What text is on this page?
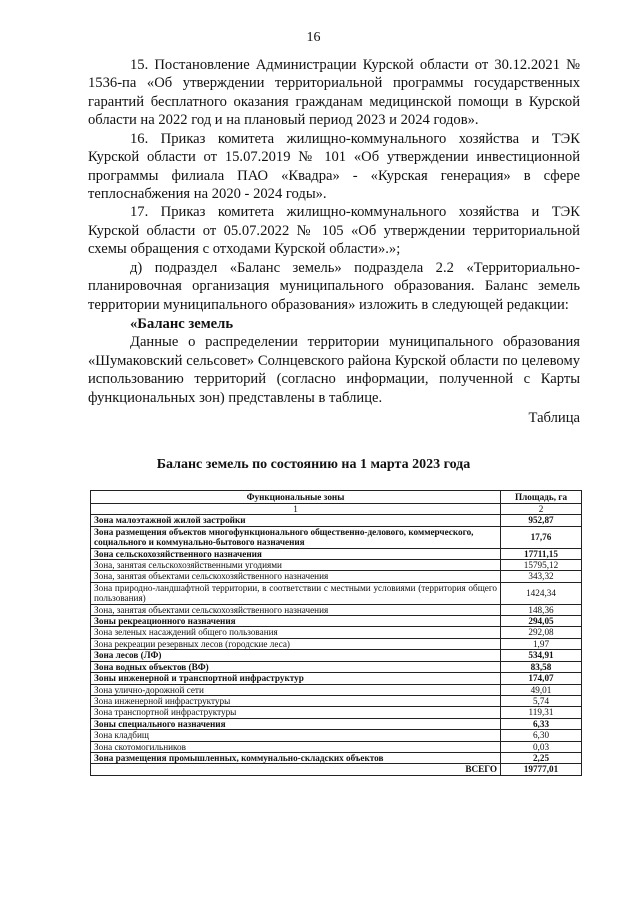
16

15. Постановление Администрации Курской области от 30.12.2021 № 1536-па «Об утверждении территориальной программы государственных гарантий бесплатного оказания гражданам медицинской помощи в Курской области на 2022 год и на плановый период 2023 и 2024 годов».

16. Приказ комитета жилищно-коммунального хозяйства и ТЭК Курской области от 15.07.2019 № 101 «Об утверждении инвестиционной программы филиала ПАО «Квадра» - «Курская генерация» в сфере теплоснабжения на 2020 - 2024 годы».

17. Приказ комитета жилищно-коммунального хозяйства и ТЭК Курской области от 05.07.2022 № 105 «Об утверждении территориальной схемы обращения с отходами Курской области».»;

д) подраздел «Баланс земель» подраздела 2.2 «Территориально-планировочная организация муниципального образования. Баланс земель территории муниципального образования» изложить в следующей редакции:

«Баланс земель

Данные о распределении территории муниципального образования «Шумаковский сельсовет» Солнцевского района Курской области по целевому использованию территорий (согласно информации, полученной с Карты функциональных зон) представлены в таблице.

Таблица

Баланс земель по состоянию на 1 марта 2023 года
Функциональные зоны	Площадь, га
1	2
Зона малоэтажной жилой застройки	952,87
Зона размещения объектов многофункционального общественно-делового, коммерческого, социального и коммунально-бытового назначения	17,76
Зона сельскохозяйственного назначения	17711,15
Зона, занятая сельскохозяйственными угодиями	15795,12
Зона, занятая объектами сельскохозяйственного назначения	343,32
Зона природно-ландшафтной территории, в соответствии с местными условиями (территория общего пользования)	1424,34
Зона, занятая объектами сельскохозяйственного назначения	148,36
Зоны рекреационного назначения	294,05
Зона зеленых насаждений общего пользования	292,08
Зона рекреации резервных лесов (городские леса)	1,97
Зона лесов (ЛФ)	534,91
Зона водных объектов (ВФ)	83,58
Зоны инженерной и транспортной инфраструктур	174,07
Зона улично-дорожной сети	49,01
Зона инженерной инфраструктуры	5,74
Зона транспортной инфраструктуры	119,31
Зоны специального назначения	6,33
Зона кладбищ	6,30
Зона скотомогильников	0,03
Зона размещения промышленных, коммунально-складских объектов	2,25
ВСЕГО	19777,01
